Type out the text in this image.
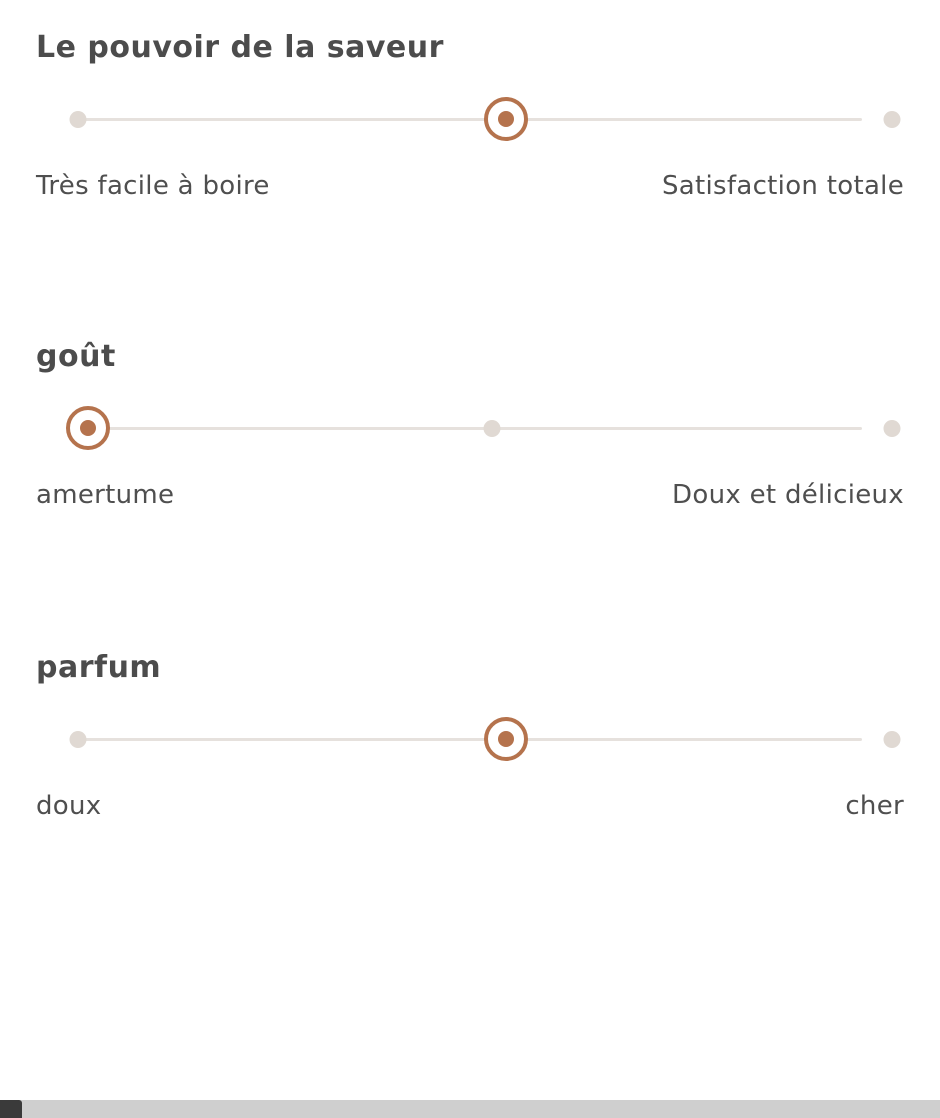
Le pouvoir de la saveur
Très facile à boire	Satisfaction totale
goût
amertume	Doux et délicieux
parfum
doux	cher
